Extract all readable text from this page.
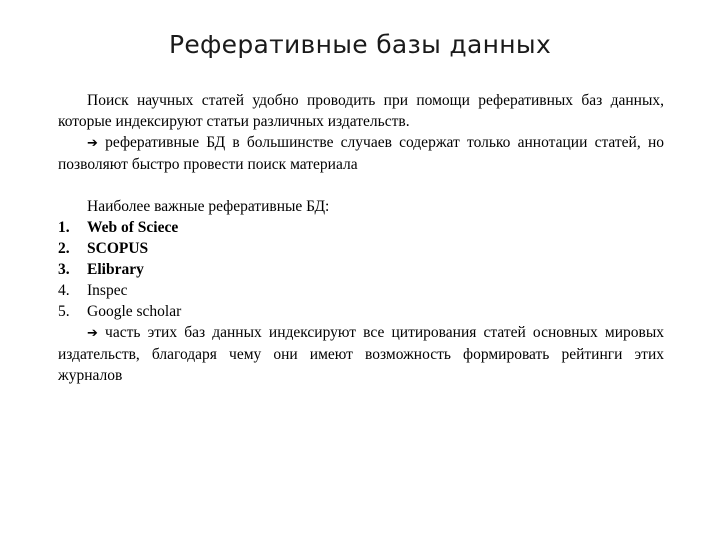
Реферативные базы данных

Поиск научных статей удобно проводить при помощи реферативных баз данных, которые индексируют статьи различных издательств.

➔ реферативные БД в большинстве случаев содержат только аннотации статей, но позволяют быстро провести поиск материала

Наиболее важные реферативные БД:

1.	Web of Sciece
2.	SCOPUS
3.	Elibrary
4.	Inspec
5.	Google scholar

➔ часть этих баз данных индексируют все цитирования статей основных мировых издательств, благодаря чему они имеют возможность формировать рейтинги этих журналов
